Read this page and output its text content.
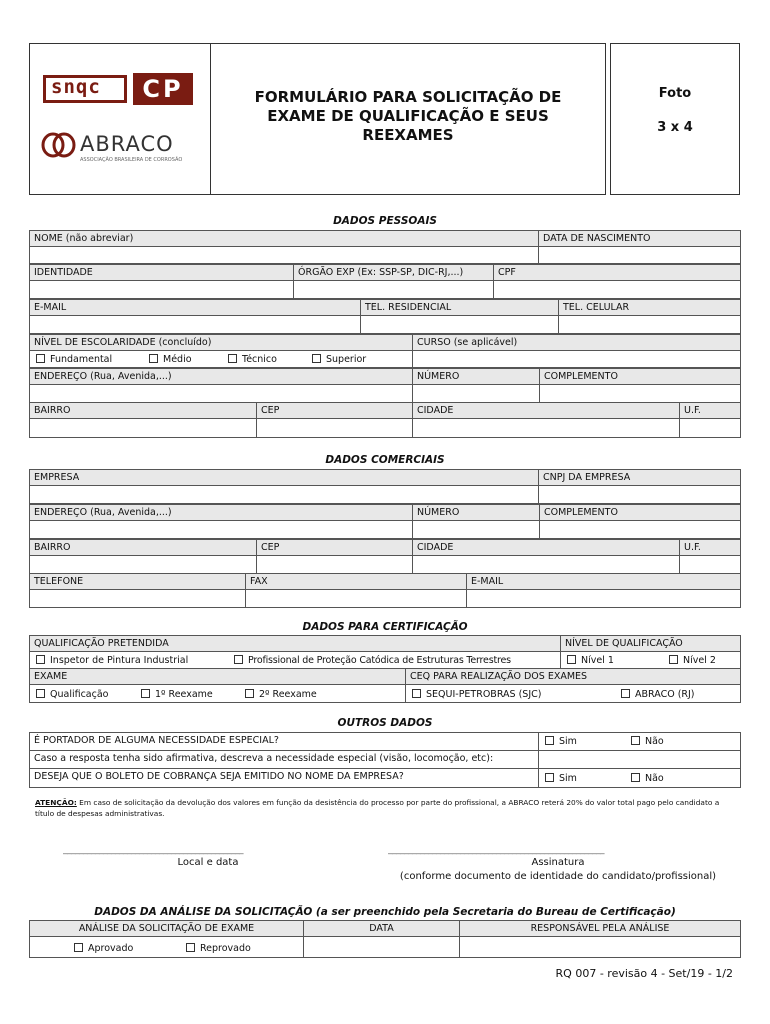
snqc	CP
ABRACO
ASSOCIAÇÃO BRASILEIRA DE CORROSÃO
FORMULÁRIO PARA SOLICITAÇÃO DE EXAME DE QUALIFICAÇÃO E SEUS REEXAMES
Foto
3 x 4
DADOS PESSOAIS
NOME (não abreviar)	DATA DE NASCIMENTO
IDENTIDADE	ÓRGÃO EXP (Ex: SSP-SP, DIC-RJ,...)	CPF
E-MAIL	TEL. RESIDENCIAL	TEL. CELULAR
NÍVEL DE ESCOLARIDADE (concluído)	CURSO (se aplicável)
Fundamental	Médio	Técnico	Superior
ENDEREÇO (Rua, Avenida,...)	NÚMERO	COMPLEMENTO
BAIRRO	CEP	CIDADE	U.F.
DADOS COMERCIAIS
EMPRESA	CNPJ DA EMPRESA
ENDEREÇO (Rua, Avenida,...)	NÚMERO	COMPLEMENTO
BAIRRO	CEP	CIDADE	U.F.
TELEFONE	FAX	E-MAIL
DADOS PARA CERTIFICAÇÃO
QUALIFICAÇÃO PRETENDIDA	NÍVEL DE QUALIFICAÇÃO
Inspetor de Pintura Industrial	Profissional de Proteção Catódica de Estruturas Terrestres	Nível 1	Nível 2
EXAME	CEQ PARA REALIZAÇÃO DOS EXAMES
Qualificação	1º Reexame	2º Reexame	SEQUI-PETROBRAS (SJC)	ABRACO (RJ)
OUTROS DADOS
É PORTADOR DE ALGUMA NECESSIDADE ESPECIAL?	Sim	Não
Caso a resposta tenha sido afirmativa, descreva a necessidade especial (visão, locomoção, etc):
DESEJA QUE O BOLETO DE COBRANÇA SEJA EMITIDO NO NOME DA EMPRESA?	Sim	Não
ATENÇÃO: Em caso de solicitação da devolução dos valores em função da desistência do processo por parte do profissional, a ABRACO reterá 20% do valor total pago pelo candidato a título de despesas administrativas.
_____________________________________________	______________________________________________________
Local e data	Assinatura
(conforme documento de identidade do candidato/profissional)
DADOS DA ANÁLISE DA SOLICITAÇÃO (a ser preenchido pela Secretaria do Bureau de Certificação)
ANÁLISE DA SOLICITAÇÃO DE EXAME	DATA	RESPONSÁVEL PELA ANÁLISE
Aprovado	Reprovado
RQ 007 - revisão 4 - Set/19 - 1/2
